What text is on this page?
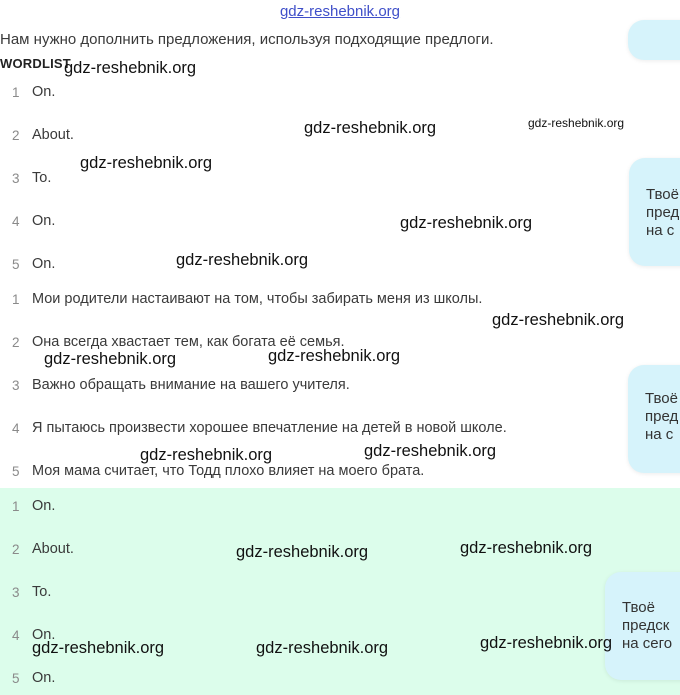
gdz-reshebnik.org
Нам нужно дополнить предложения, используя подходящие предлоги.
WORDLIST
1 On.
2 About.
3 To.
4 On.
5 On.
1 Мои родители настаивают на том, чтобы забирать меня из школы.
2 Она всегда хвастает тем, как богата её семья.
3 Важно обращать внимание на вашего учителя.
4 Я пытаюсь произвести хорошее впечатление на детей в новой школе.
5 Моя мама считает, что Тодд плохо влияет на моего брата.
1 On.
2 About.
3 To.
4 On.
5 On.
Твоё
пред
на с
Твоё
пред
на с
Твоё
предск
на сего
gdz-reshebnik.org
gdz-reshebnik.org	gdz-reshebnik.org
gdz-reshebnik.org
gdz-reshebnik.org
gdz-reshebnik.org
gdz-reshebnik.org
gdz-reshebnik.org	gdz-reshebnik.org
gdz-reshebnik.org	gdz-reshebnik.org
gdz-reshebnik.org	gdz-reshebnik.org
gdz-reshebnik.org	gdz-reshebnik.org	gdz-reshebnik.org
